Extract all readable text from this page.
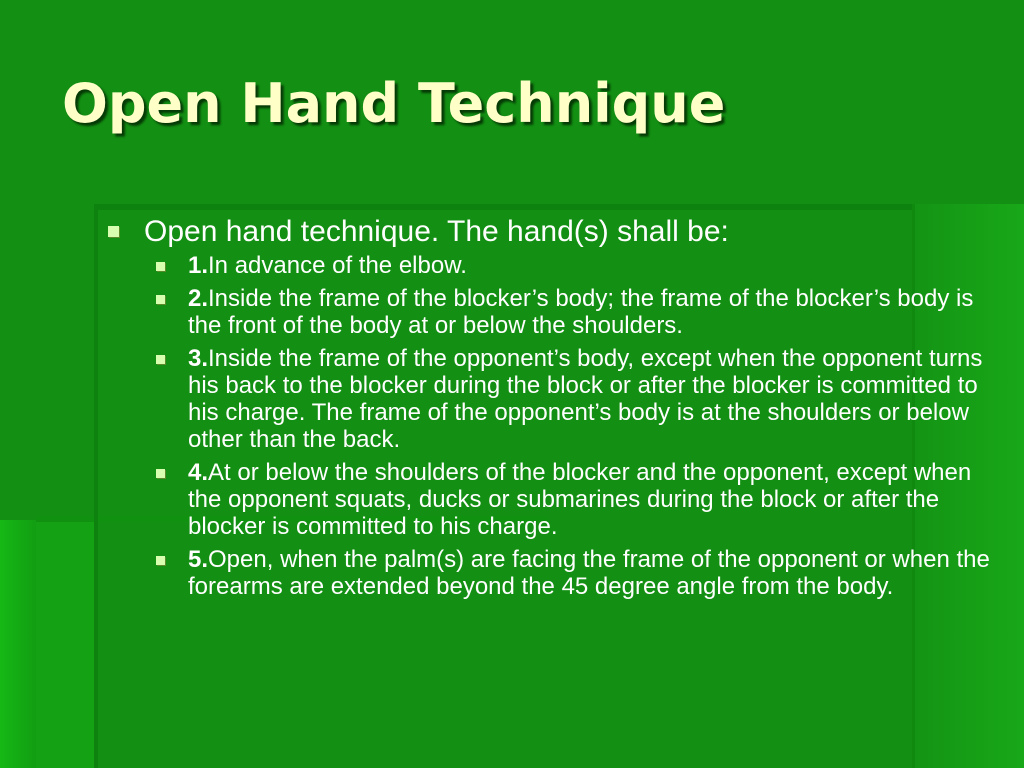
Open Hand Technique
Open hand technique. The hand(s) shall be:
1.In advance of the elbow.
2.Inside the frame of the blocker’s body; the frame of the blocker’s body is the front of the body at or below the shoulders.
3.Inside the frame of the opponent’s body, except when the opponent turns his back to the blocker during the block or after the blocker is committed to his charge. The frame of the opponent’s body is at the shoulders or below other than the back.
4.At or below the shoulders of the blocker and the opponent, except when the opponent squats, ducks or submarines during the block or after the blocker is committed to his charge.
5.Open, when the palm(s) are facing the frame of the opponent or when the forearms are extended beyond the 45 degree angle from the body.
